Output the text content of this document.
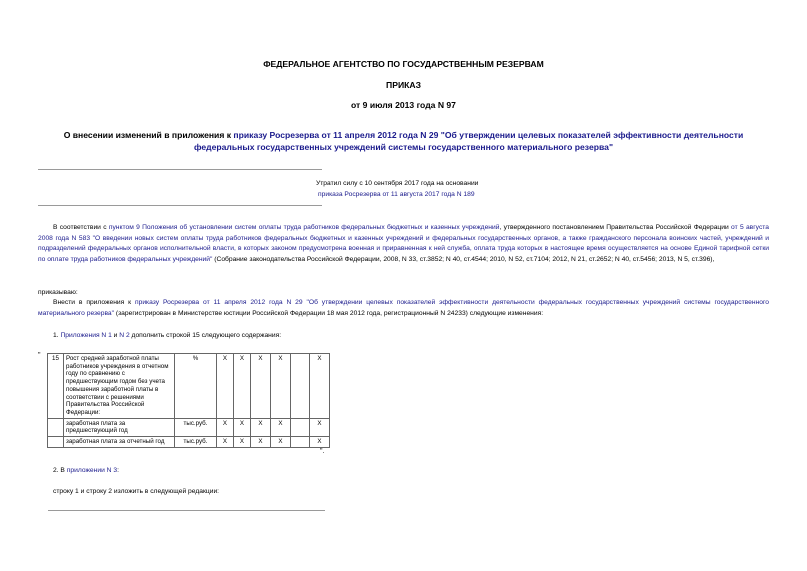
ФЕДЕРАЛЬНОЕ АГЕНТСТВО ПО ГОСУДАРСТВЕННЫМ РЕЗЕРВАМ
ПРИКАЗ
от 9 июля 2013 года N 97
О внесении изменений в приложения к приказу Росрезерва от 11 апреля 2012 года N 29 "Об утверждении целевых показателей эффективности деятельности
федеральных государственных учреждений системы государственного материального резерва"
Утратил силу с 10 сентября 2017 года на основании
приказа Росрезерва от 11 августа 2017 года N 189
В соответствии с пунктом 9 Положения об установлении систем оплаты труда работников федеральных бюджетных и казенных учреждений, утвержденного постановлением Правительства Российской Федерации от 5 августа 2008 года N 583 "О введении новых систем оплаты труда работников федеральных бюджетных и казенных учреждений и федеральных государственных органов, а также гражданского персонала воинских частей, учреждений и подразделений федеральных органов исполнительной власти, в которых законом предусмотрена военная и приравненная к ней служба, оплата труда которых в настоящее время осуществляется на основе Единой тарифной сетки по оплате труда работников федеральных учреждений" (Собрание законодательства Российской Федерации, 2008, N 33, ст.3852; N 40, ст.4544; 2010, N 52, ст.7104; 2012, N 21, ст.2652; N 40, ст.5456; 2013, N 5, ст.396),
приказываю:
Внести в приложения к приказу Росрезерва от 11 апреля 2012 года N 29 "Об утверждении целевых показателей эффективности деятельности федеральных государственных учреждений системы государственного материального резерва" (зарегистрирован в Министерстве юстиции Российской Федерации 18 мая 2012 года, регистрационный N 24233) следующие изменения:
1. Приложения N 1 и N 2 дополнить строкой 15 следующего содержания:
" 15	Рост средней заработной платы работников учреждения в отчетном году по сравнению с предшествующим годом без учета повышения заработной платы в соответствии с решениями Правительства Российской Федерации:	%	X	X	X	X		X
	заработная плата за предшествующий год	тыс.руб.	X	X	X	X		X
	заработная плата за отчетный год	тыс.руб.	X	X	X	X		X
".
2. В приложении N 3:
строку 1 и строку 2 изложить в следующей редакции:
